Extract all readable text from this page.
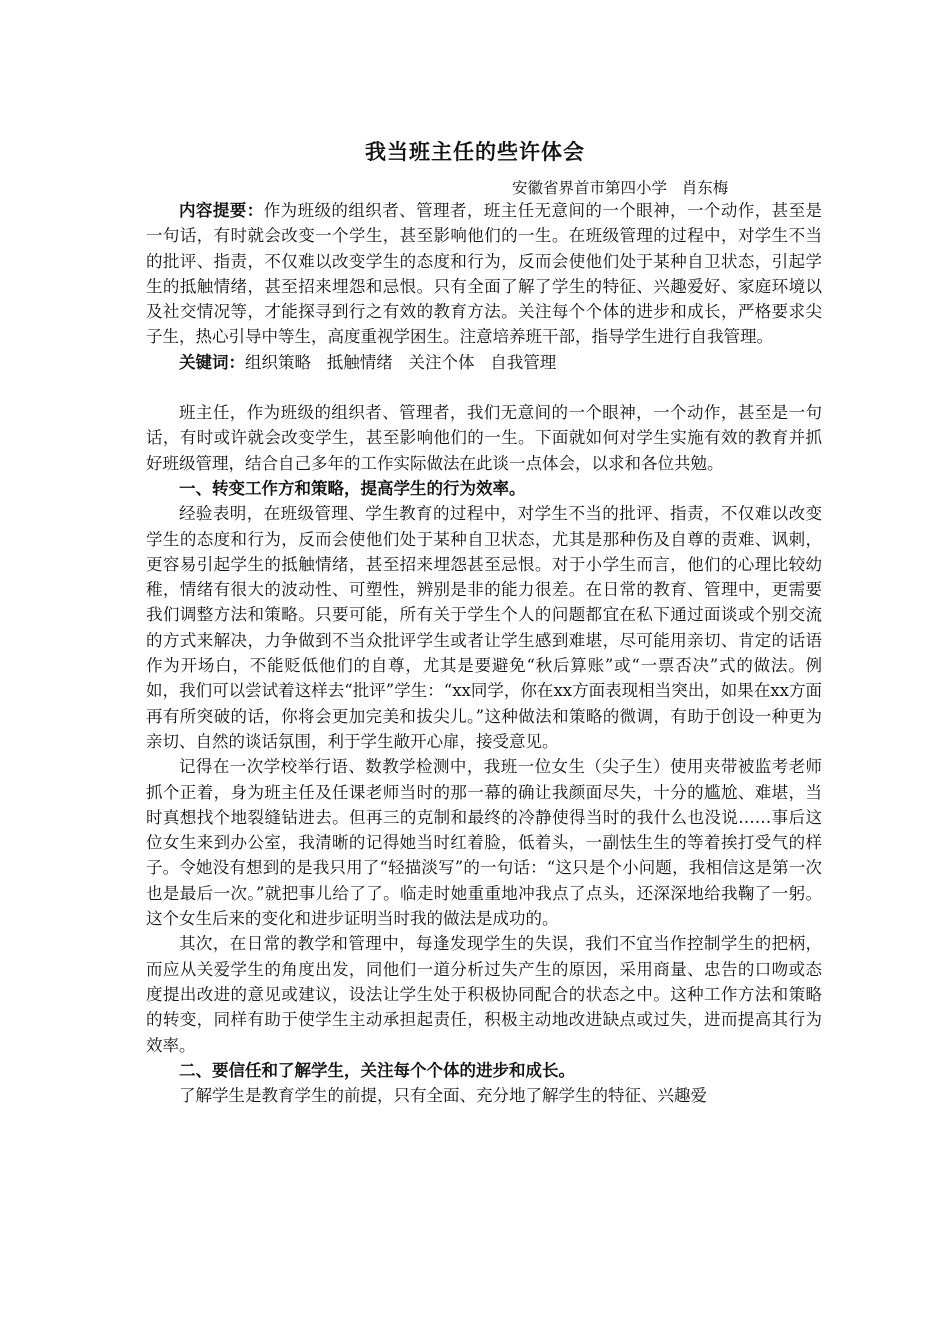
我当班主任的些许体会
安徽省界首市第四小学   肖东梅

内容提要：作为班级的组织者、管理者，班主任无意间的一个眼神，一个动作，甚至是一句话，有时就会改变一个学生，甚至影响他们的一生。在班级管理的过程中，对学生不当的批评、指责，不仅难以改变学生的态度和行为，反而会使他们处于某种自卫状态，引起学生的抵触情绪，甚至招来埋怨和忌恨。只有全面了解了学生的特征、兴趣爱好、家庭环境以及社交情况等，才能探寻到行之有效的教育方法。关注每个个体的进步和成长，严格要求尖子生，热心引导中等生，高度重视学困生。注意培养班干部，指导学生进行自我管理。

关键词：组织策略   抵触情绪   关注个体   自我管理

班主任，作为班级的组织者、管理者，我们无意间的一个眼神，一个动作，甚至是一句话，有时或许就会改变学生，甚至影响他们的一生。下面就如何对学生实施有效的教育并抓好班级管理，结合自己多年的工作实际做法在此谈一点体会，以求和各位共勉。

一、转变工作方和策略，提高学生的行为效率。

经验表明，在班级管理、学生教育的过程中，对学生不当的批评、指责，不仅难以改变学生的态度和行为，反而会使他们处于某种自卫状态，尤其是那种伤及自尊的责难、讽刺，更容易引起学生的抵触情绪，甚至招来埋怨甚至忌恨。对于小学生而言，他们的心理比较幼稚，情绪有很大的波动性、可塑性，辨别是非的能力很差。在日常的教育、管理中，更需要我们调整方法和策略。只要可能，所有关于学生个人的问题都宜在私下通过面谈或个别交流的方式来解决，力争做到不当众批评学生或者让学生感到难堪，尽可能用亲切、肯定的话语作为开场白，不能贬低他们的自尊，尤其是要避免“秋后算账”或“一票否决”式的做法。例如，我们可以尝试着这样去“批评”学生：“xx同学，你在xx方面表现相当突出，如果在xx方面再有所突破的话，你将会更加完美和拔尖儿。”这种做法和策略的微调，有助于创设一种更为亲切、自然的谈话氛围，利于学生敞开心扉，接受意见。

记得在一次学校举行语、数教学检测中，我班一位女生（尖子生）使用夹带被监考老师抓个正着，身为班主任及任课老师当时的那一幕的确让我颜面尽失，十分的尴尬、难堪，当时真想找个地裂缝钻进去。但再三的克制和最终的冷静使得当时的我什么也没说……事后这位女生来到办公室，我清晰的记得她当时红着脸，低着头，一副怯生生的等着挨打受气的样子。令她没有想到的是我只用了“轻描淡写”的一句话：“这只是个小问题，我相信这是第一次也是最后一次。”就把事儿给了了。临走时她重重地冲我点了点头，还深深地给我鞠了一躬。这个女生后来的变化和进步证明当时我的做法是成功的。

其次，在日常的教学和管理中，每逢发现学生的失误，我们不宜当作控制学生的把柄，而应从关爱学生的角度出发，同他们一道分析过失产生的原因，采用商量、忠告的口吻或态度提出改进的意见或建议，设法让学生处于积极协同配合的状态之中。这种工作方法和策略的转变，同样有助于使学生主动承担起责任，积极主动地改进缺点或过失，进而提高其行为效率。

二、要信任和了解学生，关注每个个体的进步和成长。

了解学生是教育学生的前提，只有全面、充分地了解学生的特征、兴趣爱
